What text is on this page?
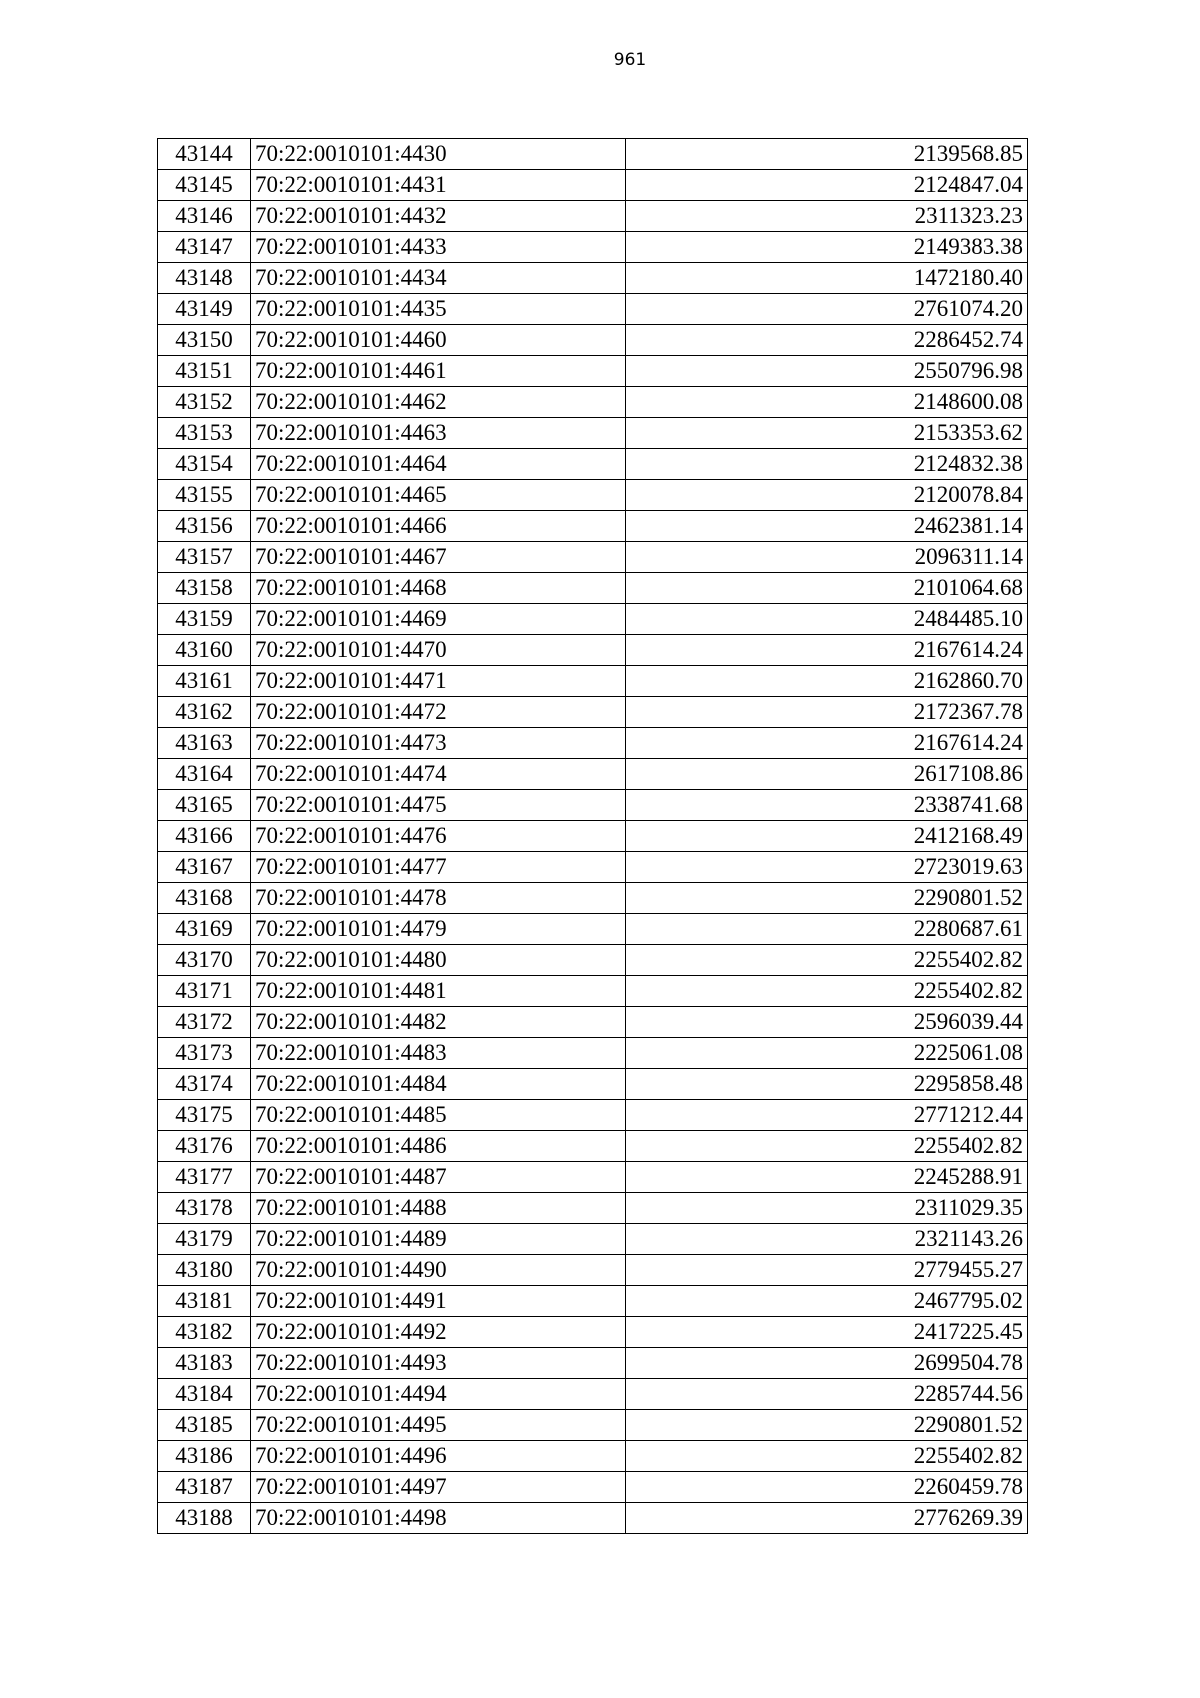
961
43144	70:22:0010101:4430	2139568.85
43145	70:22:0010101:4431	2124847.04
43146	70:22:0010101:4432	2311323.23
43147	70:22:0010101:4433	2149383.38
43148	70:22:0010101:4434	1472180.40
43149	70:22:0010101:4435	2761074.20
43150	70:22:0010101:4460	2286452.74
43151	70:22:0010101:4461	2550796.98
43152	70:22:0010101:4462	2148600.08
43153	70:22:0010101:4463	2153353.62
43154	70:22:0010101:4464	2124832.38
43155	70:22:0010101:4465	2120078.84
43156	70:22:0010101:4466	2462381.14
43157	70:22:0010101:4467	2096311.14
43158	70:22:0010101:4468	2101064.68
43159	70:22:0010101:4469	2484485.10
43160	70:22:0010101:4470	2167614.24
43161	70:22:0010101:4471	2162860.70
43162	70:22:0010101:4472	2172367.78
43163	70:22:0010101:4473	2167614.24
43164	70:22:0010101:4474	2617108.86
43165	70:22:0010101:4475	2338741.68
43166	70:22:0010101:4476	2412168.49
43167	70:22:0010101:4477	2723019.63
43168	70:22:0010101:4478	2290801.52
43169	70:22:0010101:4479	2280687.61
43170	70:22:0010101:4480	2255402.82
43171	70:22:0010101:4481	2255402.82
43172	70:22:0010101:4482	2596039.44
43173	70:22:0010101:4483	2225061.08
43174	70:22:0010101:4484	2295858.48
43175	70:22:0010101:4485	2771212.44
43176	70:22:0010101:4486	2255402.82
43177	70:22:0010101:4487	2245288.91
43178	70:22:0010101:4488	2311029.35
43179	70:22:0010101:4489	2321143.26
43180	70:22:0010101:4490	2779455.27
43181	70:22:0010101:4491	2467795.02
43182	70:22:0010101:4492	2417225.45
43183	70:22:0010101:4493	2699504.78
43184	70:22:0010101:4494	2285744.56
43185	70:22:0010101:4495	2290801.52
43186	70:22:0010101:4496	2255402.82
43187	70:22:0010101:4497	2260459.78
43188	70:22:0010101:4498	2776269.39
